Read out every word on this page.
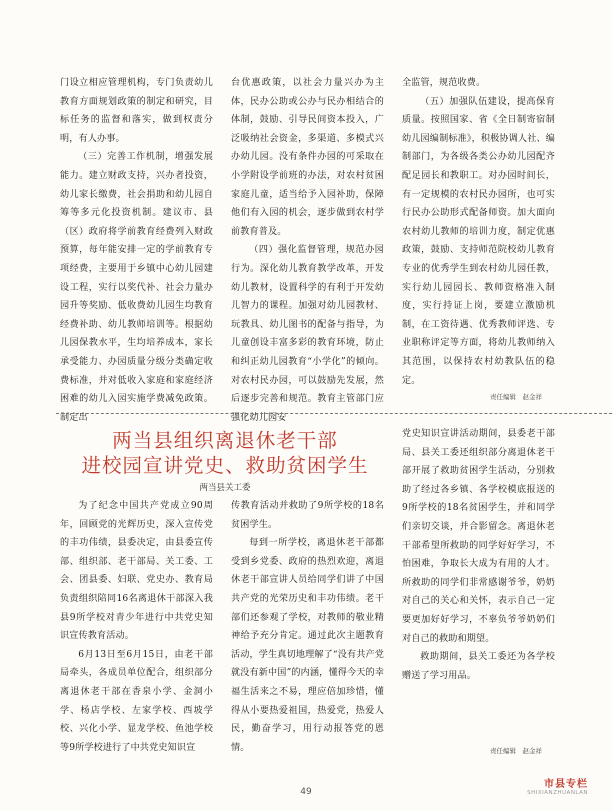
门设立相应管理机构，专门负责幼儿教育方面规划政策的制定和研究，目标任务的监督和落实，做到权责分明，有人办事。

（三）完善工作机制，增强发展能力。建立财政支持，兴办者投资，幼儿家长缴费，社会捐助和幼儿园自筹等多元化投资机制。建议市、县（区）政府将学前教育经费列入财政预算，每年能安排一定的学前教育专项经费，主要用于乡镇中心幼儿园建设工程，实行以奖代补、社会力量办园升等奖励、低收费幼儿园生均教育经费补助、幼儿教师培训等。根据幼儿园保教水平，生均培养成本，家长承受能力、办园质量分级分类确定收费标准，并对低收入家庭和家庭经济困难的幼儿入园实施学费减免政策。制定出

台优惠政策，以社会力量兴办为主体，民办公助或公办与民办相结合的体制，鼓励、引导民间资本投入，广泛吸纳社会资金，多渠道、多模式兴办幼儿园。没有条件办园的可采取在小学附设学前班的办法，对农村贫困家庭儿童，适当给予入园补助，保障他们有入园的机会，逐步做到农村学前教育普及。

（四）强化监督管理，规范办园行为。深化幼儿教育教学改革，开发幼儿教材，设置科学的有利于开发幼儿智力的课程。加强对幼儿园教材、玩教具、幼儿图书的配备与指导，为儿童创设丰富多彩的教育环境，防止和纠正幼儿园教育“小学化”的倾向。对农村民办园，可以鼓励先发展，然后逐步完善和规范。教育主管部门应强化幼儿园安

全监管，规范收费。

（五）加强队伍建设，提高保育质量。按照国家、省《全日制寄宿制幼儿园编制标准》，积极协调人社、编制部门，为各级各类公办幼儿园配齐配足园长和教职工。对办园时间长，有一定规模的农村民办园所，也可实行民办公助形式配备师资。加大面向农村幼儿教师的培训力度，制定优惠政策，鼓励、支持师范院校幼儿教育专业的优秀学生到农村幼儿园任教，实行幼儿园园长、教师资格准入制度，实行持证上岗，要建立激励机制，在工资待遇、优秀教师评选、专业职称评定等方面，将幼儿教师纳入其范围，以保持农村幼教队伍的稳定。

责任编辑　赵金祥
两当县组织离退休老干部
进校园宣讲党史、救助贫困学生
两当县关工委

党史知识宣讲活动期间，县委老干部局、县关工委还组织部分离退休老干部开展了救助贫困学生活动，分别救助了经过各乡镇、各学校模底报送的9所学校的18名贫困学生，并和同学们亲切交谈，并合影留念。离退休老干部希望所救助的同学好好学习，不怕困难，争取长大成为有用的人才。所救助的同学们非常感谢爷爷，奶奶对自己的关心和关怀，表示自己一定要更加好好学习，不辜负爷爷奶奶们对自己的救助和期望。

救助期间，县关工委还为各学校赠送了学习用品。

为了纪念中国共产党成立90周年，回顾党的光辉历史，深入宣传党的丰功伟绩，县委决定，由县委宣传部、组织部、老干部局、关工委、工会、团县委、妇联、党史办、教育局负责组织陪同16名离退休干部深入我县9所学校对青少年进行中共党史知识宣传教育活动。

6月13日至6月15日，由老干部局牵头，各成员单位配合，组织部分离退休老干部在香泉小学、金洞小学、杨店学校、左家学校、西坡学校、兴化小学、显龙学校、鱼池学校等9所学校进行了中共党史知识宣

传教育活动并救助了9所学校的18名贫困学生。

每到一所学校，离退休老干部都受到乡党委、政府的热烈欢迎，离退休老干部宣讲人员给同学们讲了中国共产党的光荣历史和丰功伟绩。老干部们还参观了学校，对教师的敬业精神给予充分肯定。通过此次主题教育活动，学生真切地理解了“没有共产党就没有新中国”的内涵，懂得今天的幸福生活来之不易，理应倍加珍惜，懂得从小要热爱祖国，热爱党，热爱人民，勤奋学习，用行动报答党的恩情。	责任编辑　赵金祥
49
市县专栏
SHIXIANZHUANLAN
